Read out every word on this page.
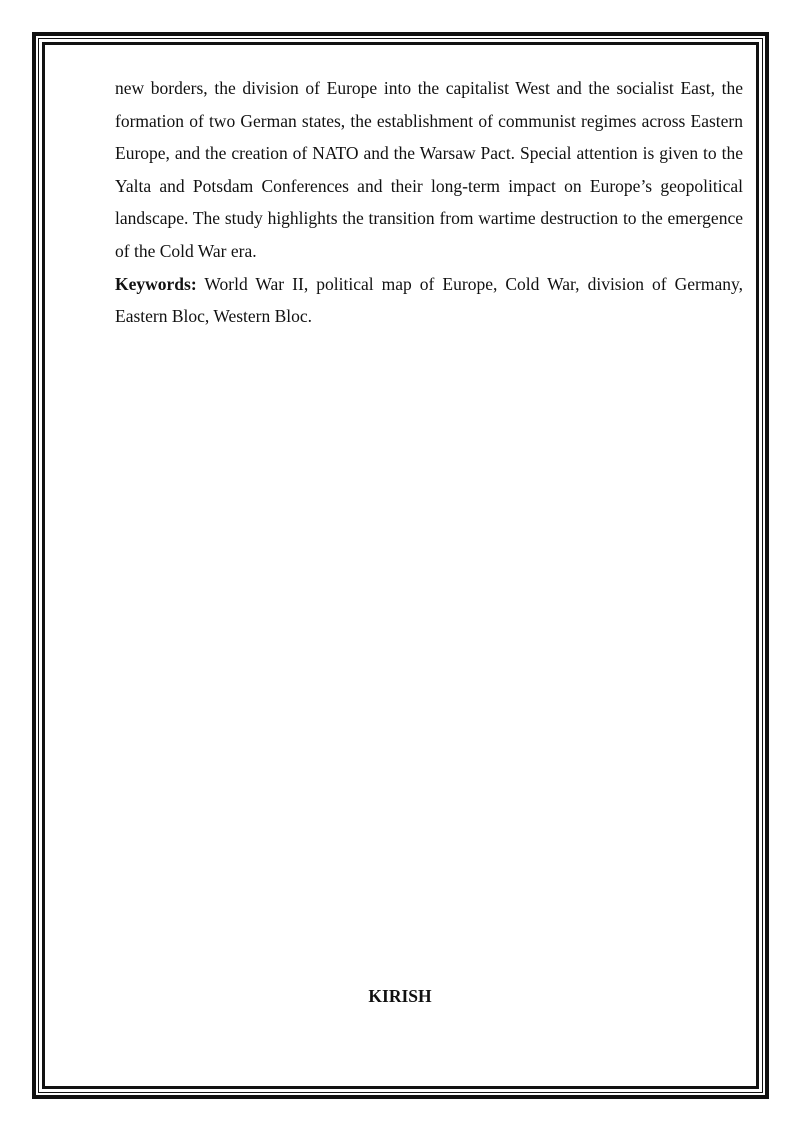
new borders, the division of Europe into the capitalist West and the socialist East, the formation of two German states, the establishment of communist regimes across Eastern Europe, and the creation of NATO and the Warsaw Pact. Special attention is given to the Yalta and Potsdam Conferences and their long-term impact on Europe’s geopolitical landscape. The study highlights the transition from wartime destruction to the emergence of the Cold War era.

Keywords: World War II, political map of Europe, Cold War, division of Germany, Eastern Bloc, Western Bloc.

KIRISH
